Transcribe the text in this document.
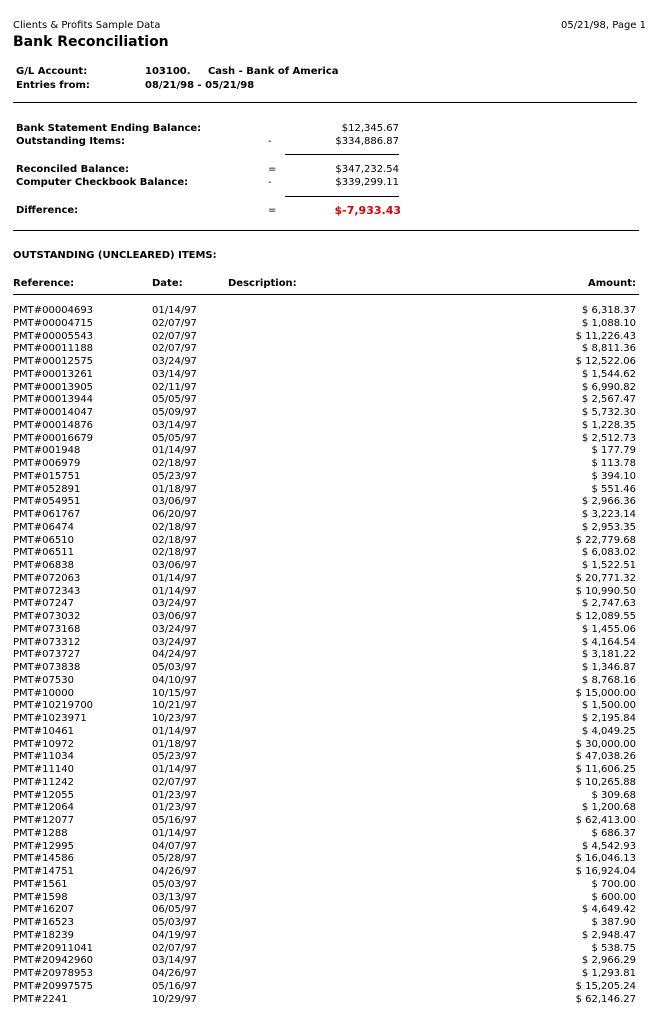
Clients & Profits Sample Data	05/21/98, Page 1
Bank Reconciliation
G/L Account:	103100.     Cash - Bank of America
Entries from:	08/21/98 - 05/21/98
Bank Statement Ending Balance:	$12,345.67
Outstanding Items:	-	$334,886.87
Reconciled Balance:	=	$347,232.54
Computer Checkbook Balance:	-	$339,299.11
Difference:	=	$-7,933.43
OUTSTANDING (UNCLEARED) ITEMS:
Reference:	Date:	Description:	Amount:
PMT#00004693	01/14/97	$ 6,318.37
PMT#00004715	02/07/97	$ 1,088.10
PMT#00005543	02/07/97	$ 11,226.43
PMT#00011188	02/07/97	$ 8,811.36
PMT#00012575	03/24/97	$ 12,522.06
PMT#00013261	03/14/97	$ 1,544.62
PMT#00013905	02/11/97	$ 6,990.82
PMT#00013944	05/05/97	$ 2,567.47
PMT#00014047	05/09/97	$ 5,732.30
PMT#00014876	03/14/97	$ 1,228.35
PMT#00016679	05/05/97	$ 2,512.73
PMT#001948	01/14/97	$ 177.79
PMT#006979	02/18/97	$ 113.78
PMT#015751	05/23/97	$ 394.10
PMT#052891	01/18/97	$ 551.46
PMT#054951	03/06/97	$ 2,966.36
PMT#061767	06/20/97	$ 3,223.14
PMT#06474	02/18/97	$ 2,953.35
PMT#06510	02/18/97	$ 22,779.68
PMT#06511	02/18/97	$ 6,083.02
PMT#06838	03/06/97	$ 1,522.51
PMT#072063	01/14/97	$ 20,771.32
PMT#072343	01/14/97	$ 10,990.50
PMT#07247	03/24/97	$ 2,747.63
PMT#073032	03/06/97	$ 12,089.55
PMT#073168	03/24/97	$ 1,455.06
PMT#073312	03/24/97	$ 4,164.54
PMT#073727	04/24/97	$ 3,181.22
PMT#073838	05/03/97	$ 1,346.87
PMT#07530	04/10/97	$ 8,768.16
PMT#10000	10/15/97	$ 15,000.00
PMT#10219700	10/21/97	$ 1,500.00
PMT#1023971	10/23/97	$ 2,195.84
PMT#10461	01/14/97	$ 4,049.25
PMT#10972	01/18/97	$ 30,000.00
PMT#11034	05/23/97	$ 47,038.26
PMT#11140	01/14/97	$ 11,606.25
PMT#11242	02/07/97	$ 10,265.88
PMT#12055	01/23/97	$ 309.68
PMT#12064	01/23/97	$ 1,200.68
PMT#12077	05/16/97	$ 62,413.00
PMT#1288	01/14/97	$ 686.37
PMT#12995	04/07/97	$ 4,542.93
PMT#14586	05/28/97	$ 16,046.13
PMT#14751	04/26/97	$ 16,924.04
PMT#1561	05/03/97	$ 700.00
PMT#1598	03/13/97	$ 600.00
PMT#16207	06/05/97	$ 4,649.42
PMT#16523	05/03/97	$ 387.90
PMT#18239	04/19/97	$ 2,948.47
PMT#20911041	02/07/97	$ 538.75
PMT#20942960	03/14/97	$ 2,966.29
PMT#20978953	04/26/97	$ 1,293.81
PMT#20997575	05/16/97	$ 15,205.24
PMT#2241	10/29/97	$ 62,146.27
